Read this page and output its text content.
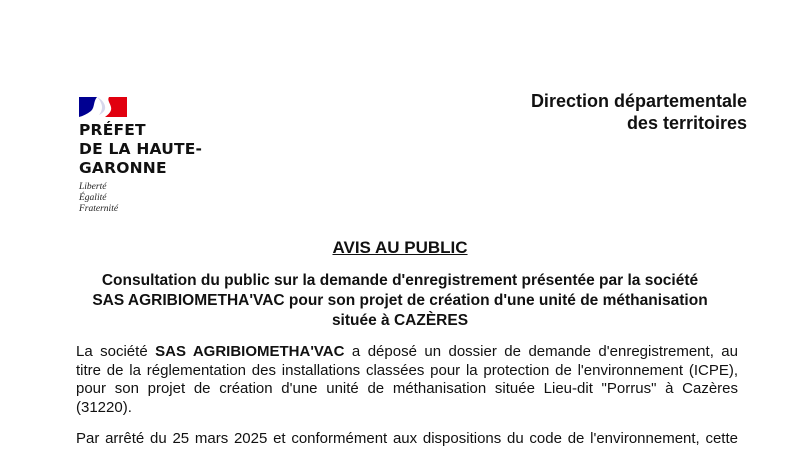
PRÉFET
DE LA HAUTE-
GARONNE
Liberté
Égalité
Fraternité
Direction départementale
des territoires
AVIS AU PUBLIC
Consultation du public sur la demande d'enregistrement présentée par la société
SAS AGRIBIOMETHA'VAC pour son projet de création d'une unité de méthanisation
située à CAZÈRES
La société SAS AGRIBIOMETHA'VAC a déposé un dossier de demande d'enregistrement, au
titre de la réglementation des installations classées pour la protection de l'environnement (ICPE),
pour son projet de création d'une unité de méthanisation située Lieu-dit "Porrus" à Cazères
(31220).
Par arrêté du 25 mars 2025 et conformément aux dispositions du code de l'environnement, cette
